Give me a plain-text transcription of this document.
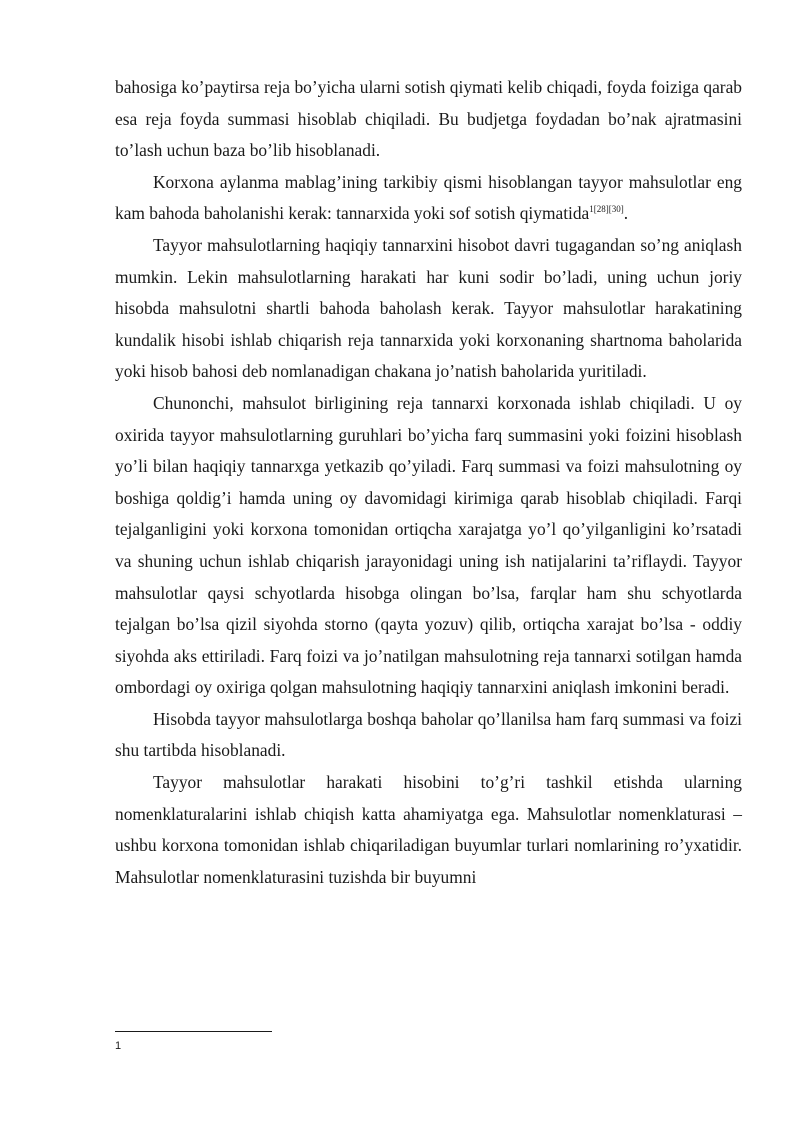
bahosiga ko’paytirsa reja bo’yicha ularni sotish qiymati kelib chiqadi, foyda foiziga qarab esa reja foyda summasi hisoblab chiqiladi. Bu budjetga foydadan bo’nak ajratmasini to’lash uchun baza bo’lib hisoblanadi.

Korxona aylanma mablag’ining tarkibiy qismi hisoblangan tayyor mahsulotlar eng kam bahoda baholanishi kerak: tannarxida yoki sof sotish qiymatida$^{1[28][30]}$.

Tayyor mahsulotlarning haqiqiy tannarxini hisobot davri tugagandan so’ng aniqlash mumkin. Lekin mahsulotlarning harakati har kuni sodir bo’ladi, uning uchun joriy hisobda mahsulotni shartli bahoda baholash kerak. Tayyor mahsulotlar harakatining kundalik hisobi ishlab chiqarish reja tannarxida yoki korxonaning shartnoma baholarida yoki hisob bahosi deb nomlanadigan chakana jo’natish baholarida yuritiladi.

Chunonchi, mahsulot birligining reja tannarxi korxonada ishlab chiqiladi. U oy oxirida tayyor mahsulotlarning guruhlari bo’yicha farq summasini yoki foizini hisoblash yo’li bilan haqiqiy tannarxga yetkazib qo’yiladi. Farq summasi va foizi mahsulotning oy boshiga qoldig’i hamda uning oy davomidagi kirimiga qarab hisoblab chiqiladi. Farqi tejalganligini yoki korxona tomonidan ortiqcha xarajatga yo’l qo’yilganligini ko’rsatadi va shuning uchun ishlab chiqarish jarayonidagi uning ish natijalarini ta’riflaydi. Tayyor mahsulotlar qaysi schyotlarda hisobga olingan bo’lsa, farqlar ham shu schyotlarda tejalgan bo’lsa qizil siyohda storno (qayta yozuv) qilib, ortiqcha xarajat bo’lsa - oddiy siyohda aks ettiriladi. Farq foizi va jo’natilgan mahsulotning reja tannarxi sotilgan hamda ombordagi oy oxiriga qolgan mahsulotning haqiqiy tannarxini aniqlash imkonini beradi.

Hisobda tayyor mahsulotlarga boshqa baholar qo’llanilsa ham farq summasi va foizi shu tartibda hisoblanadi.

Tayyor mahsulotlar harakati hisobini to’g’ri tashkil etishda ularning nomenklaturalarini ishlab chiqish katta ahamiyatga ega. Mahsulotlar nomenklaturasi – ushbu korxona tomonidan ishlab chiqariladigan buyumlar turlari nomlarining ro’yxatidir. Mahsulotlar nomenklaturasini tuzishda bir buyumni

1
